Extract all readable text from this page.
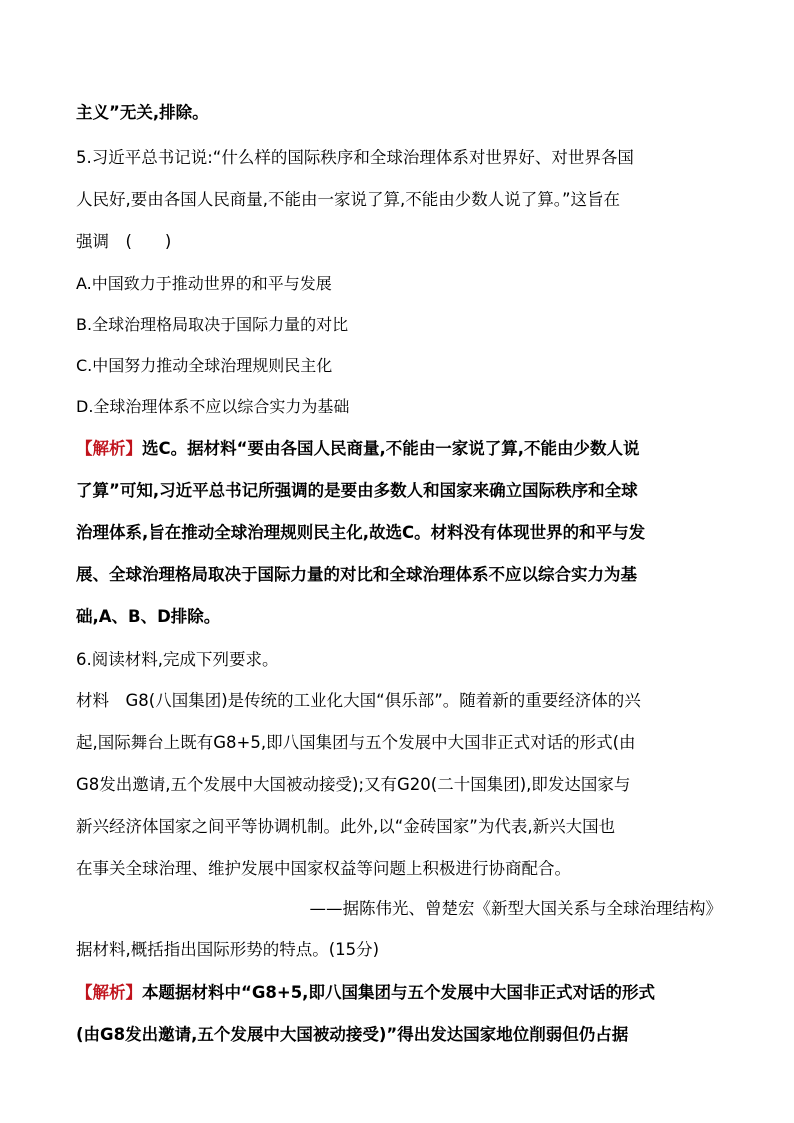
主义”无关,排除。
5.习近平总书记说:“什么样的国际秩序和全球治理体系对世界好、对世界各国
人民好,要由各国人民商量,不能由一家说了算,不能由少数人说了算。”这旨在
强调　(　　)
A.中国致力于推动世界的和平与发展
B.全球治理格局取决于国际力量的对比
C.中国努力推动全球治理规则民主化
D.全球治理体系不应以综合实力为基础
【解析】选C。据材料“要由各国人民商量,不能由一家说了算,不能由少数人说
了算”可知,习近平总书记所强调的是要由多数人和国家来确立国际秩序和全球
治理体系,旨在推动全球治理规则民主化,故选C。材料没有体现世界的和平与发
展、全球治理格局取决于国际力量的对比和全球治理体系不应以综合实力为基
础,A、B、D排除。
6.阅读材料,完成下列要求。
材料　G8(八国集团)是传统的工业化大国“俱乐部”。随着新的重要经济体的兴
起,国际舞台上既有G8+5,即八国集团与五个发展中大国非正式对话的形式(由
G8发出邀请,五个发展中大国被动接受);又有G20(二十国集团),即发达国家与
新兴经济体国家之间平等协调机制。此外,以“金砖国家”为代表,新兴大国也
在事关全球治理、维护发展中国家权益等问题上积极进行协商配合。
——据陈伟光、曾楚宏《新型大国关系与全球治理结构》
据材料,概括指出国际形势的特点。(15分)
【解析】本题据材料中“G8+5,即八国集团与五个发展中大国非正式对话的形式
(由G8发出邀请,五个发展中大国被动接受)”得出发达国家地位削弱但仍占据
